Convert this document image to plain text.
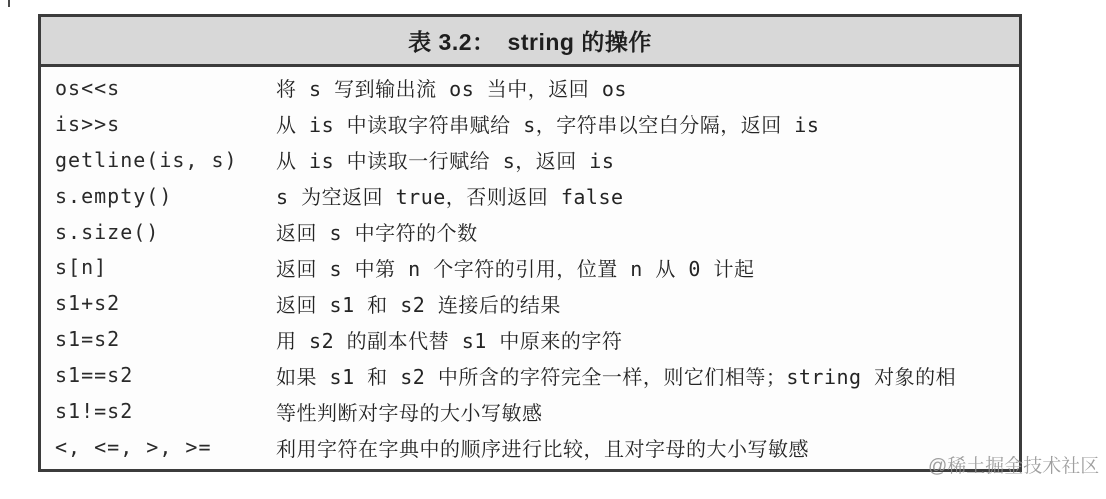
表 3.2： string 的操作
os<<s	将 s 写到输出流 os 当中，返回 os
is>>s	从 is 中读取字符串赋给 s，字符串以空白分隔，返回 is
getline(is, s)	从 is 中读取一行赋给 s，返回 is
s.empty()	s 为空返回 true，否则返回 false
s.size()	返回 s 中字符的个数
s[n]	返回 s 中第 n 个字符的引用，位置 n 从 0 计起
s1+s2	返回 s1 和 s2 连接后的结果
s1=s2	用 s2 的副本代替 s1 中原来的字符
s1==s2	如果 s1 和 s2 中所含的字符完全一样，则它们相等；string 对象的相
s1!=s2	等性判断对字母的大小写敏感
<, <=, >, >=	利用字符在字典中的顺序进行比较，且对字母的大小写敏感
@稀土掘金技术社区
